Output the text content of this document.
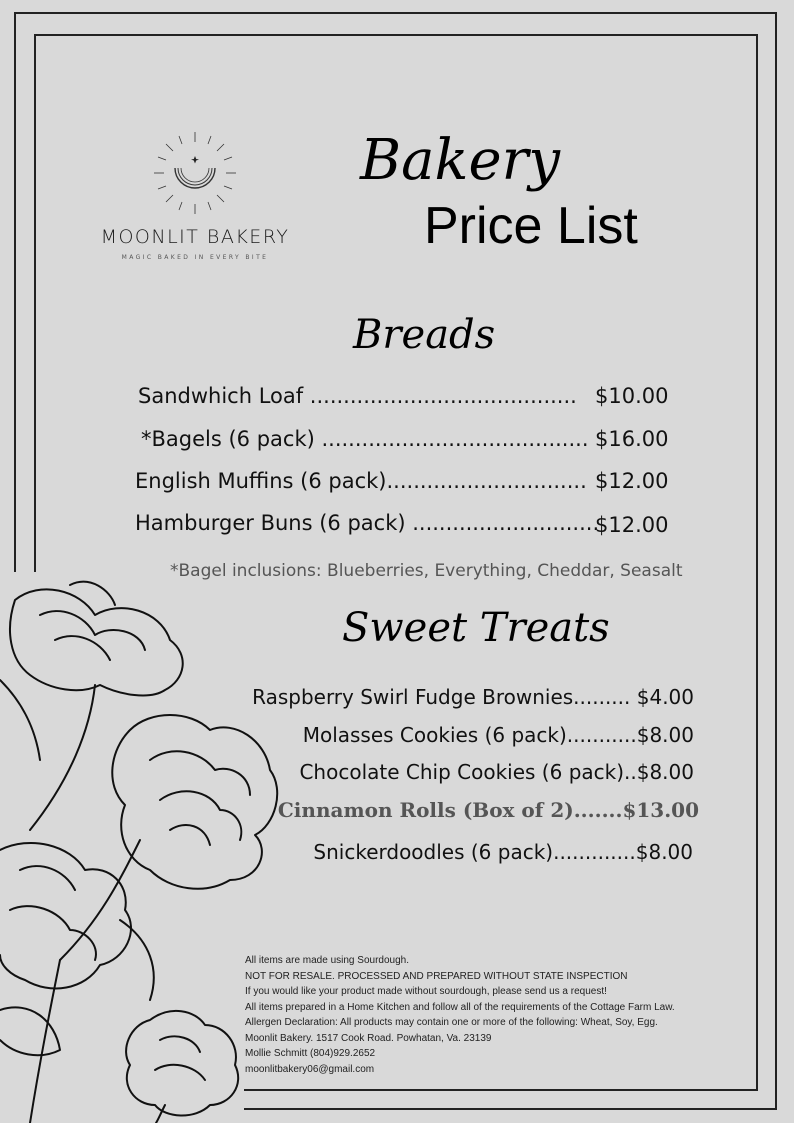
MOONLIT BAKERY
MAGIC BAKED IN EVERY BITE
Bakery
Price List
Breads
Sandwhich Loaf ........................................ $10.00
*Bagels (6 pack) ........................................ $16.00
English Muffins (6 pack).............................. $12.00
Hamburger Buns (6 pack) ............................
$12.00
*Bagel inclusions: Blueberries, Everything, Cheddar, Seasalt
Sweet Treats
Raspberry Swirl Fudge Brownies......... $4.00
Molasses Cookies (6 pack)...........$8.00
Chocolate Chip Cookies (6 pack)..$8.00
Cinnamon Rolls (Box of 2).......$13.00
Snickerdoodles (6 pack).............$8.00
All items are made using Sourdough.
NOT FOR RESALE. PROCESSED AND PREPARED WITHOUT STATE INSPECTION
If you would like your product made without sourdough, please send us a request!
All items prepared in a Home Kitchen and follow all of the requirements of the Cottage Farm Law.
Allergen Declaration: All products may contain one or more of the following: Wheat, Soy, Egg.
Moonlit Bakery. 1517 Cook Road. Powhatan, Va. 23139
Mollie Schmitt (804)929.2652
moonlitbakery06@gmail.com
